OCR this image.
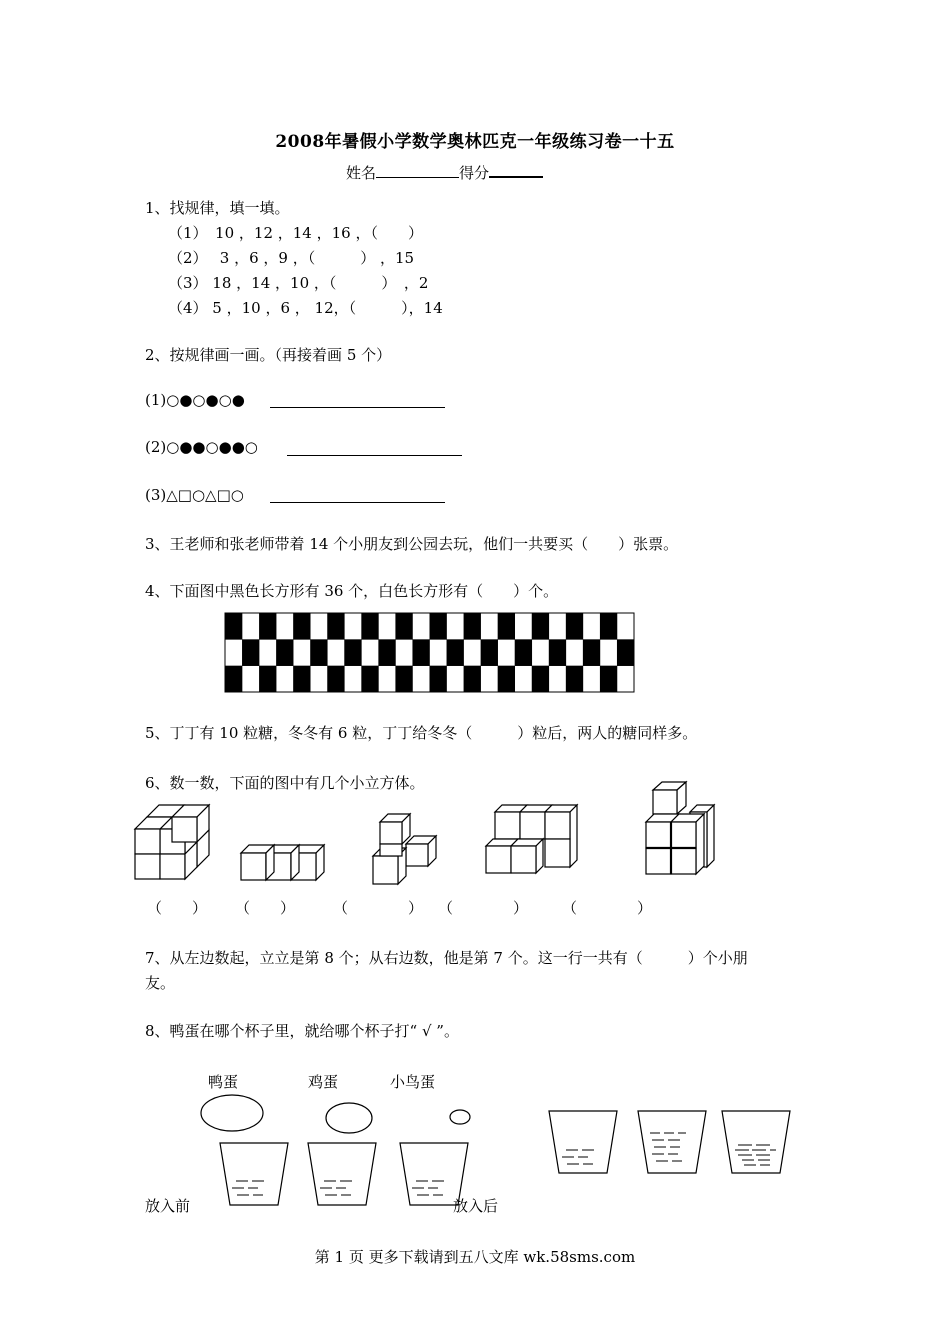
2008年暑假小学数学奥林匹克一年级练习卷一十五
姓名	得分
1、找规律，填一填。
（1）　10 ，12 ，14 ，16 ，（　　）
（2）　 3 ，6 ，9 ，（　　　） ，15
（3） 18 ，14 ，10 ，（　　　）　，2
（4） 5 ，10 ，6 ， 12，（　　　），14
2、按规律画一画。（再接着画 5 个）
(1)○●○●○●
(2)○●●○●●○
(3)△□○△□○
3、王老师和张老师带着 14 个小朋友到公园去玩，他们一共要买（　　）张票。
4、下面图中黑色长方形有 36 个，白色长方形有（　　）个。
5、丁丁有 10 粒糖，冬冬有 6 粒，丁丁给冬冬（　　　）粒后，两人的糖同样多。
6、数一数，下面的图中有几个小立方体。
（　　） （　　）	（　　　　） （　　　　） （　　　　）
7、从左边数起，立立是第 8 个；从右边数，他是第 7 个。这一行一共有（　　　）个小朋
友。
8、鸭蛋在哪个杯子里，就给哪个杯子打“ √ ”。
鸭蛋	鸡蛋	小鸟蛋
放入前	放入后
第 1 页 更多下载请到五八文库 wk.58sms.com
